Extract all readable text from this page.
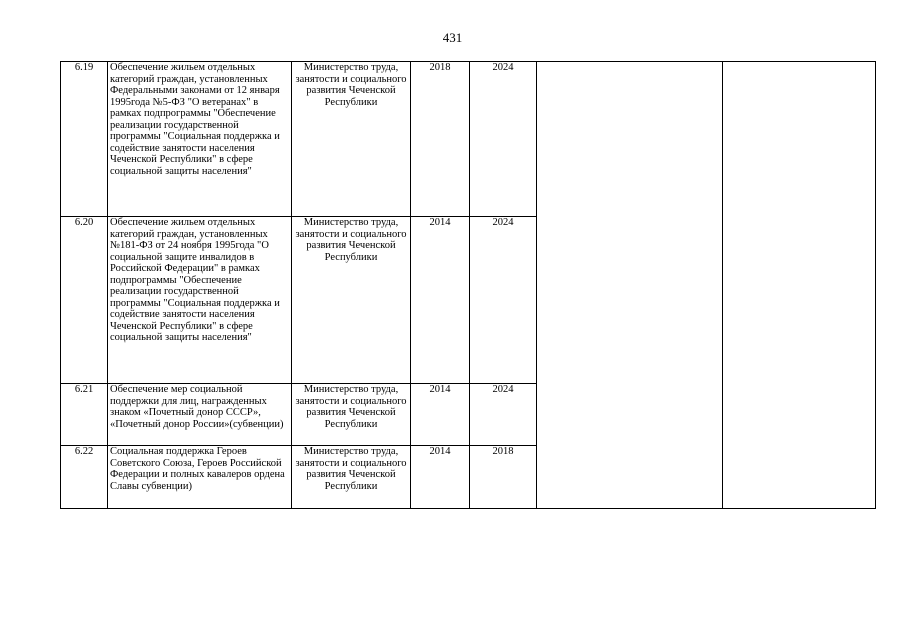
431
6.19	Обеспечение жильем отдельных категорий граждан, установленных Федеральными законами от 12 января 1995года №5-ФЗ "О ветеранах" в рамках подпрограммы "Обеспечение реализации государственной программы "Социальная поддержка и содействие занятости населения Чеченской Республики" в сфере социальной защиты населения"	Министерство труда, занятости и социального развития Чеченской Республики	2018	2024		
6.20	Обеспечение жильем отдельных категорий граждан, установленных №181-ФЗ от 24 ноября 1995года "О социальной защите инвалидов в Российской Федерации" в рамках подпрограммы "Обеспечение реализации государственной программы "Социальная поддержка и содействие занятости населения Чеченской Республики" в сфере социальной защиты населения"	Министерство труда, занятости и социального развития Чеченской Республики	2014	2024		
6.21	Обеспечение мер социальной поддержки для лиц, награжденных знаком «Почетный донор СССР», «Почетный донор России»(субвенции)	Министерство труда, занятости и социального развития Чеченской Республики	2014	2024		
6.22	Социальная поддержка Героев Советского Союза, Героев Российской Федерации и полных кавалеров ордена Славы субвенции)	Министерство труда, занятости и социального развития Чеченской Республики	2014	2018		
